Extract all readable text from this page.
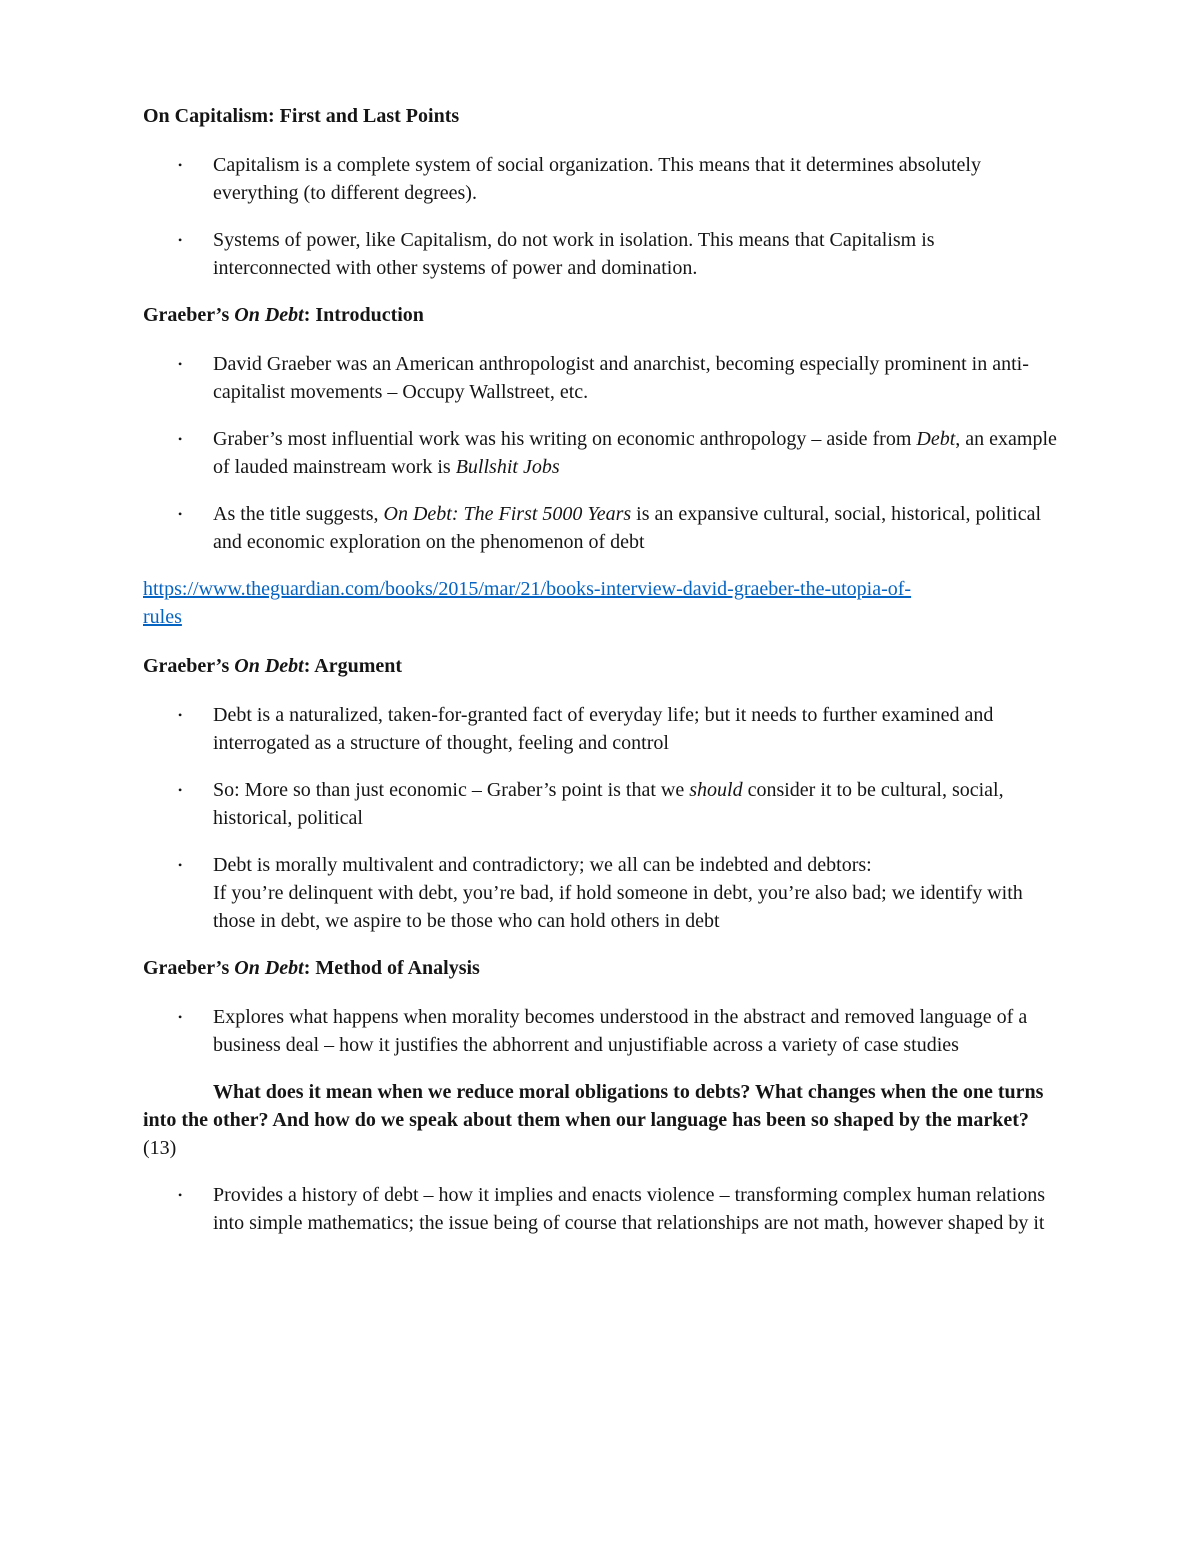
On Capitalism: First and Last Points
•	Capitalism is a complete system of social organization. This means that it determines absolutely everything (to different degrees).
•	Systems of power, like Capitalism, do not work in isolation. This means that Capitalism is interconnected with other systems of power and domination.
Graeber’s On Debt: Introduction
•	David Graeber was an American anthropologist and anarchist, becoming especially prominent in anti-capitalist movements – Occupy Wallstreet, etc.
•	Graber’s most influential work was his writing on economic anthropology – aside from Debt, an example of lauded mainstream work is Bullshit Jobs
•	As the title suggests, On Debt: The First 5000 Years is an expansive cultural, social, historical, political and economic exploration on the phenomenon of debt

https://www.theguardian.com/books/2015/mar/21/books-interview-david-graeber-the-utopia-of-
rules

Graeber’s On Debt: Argument
•	Debt is a naturalized, taken-for-granted fact of everyday life; but it needs to further examined and interrogated as a structure of thought, feeling and control
•	So: More so than just economic – Graber’s point is that we should consider it to be cultural, social, historical, political
•	Debt is morally multivalent and contradictory; we all can be indebted and debtors:
If you’re delinquent with debt, you’re bad, if hold someone in debt, you’re also bad; we identify with those in debt, we aspire to be those who can hold others in debt
Graeber’s On Debt: Method of Analysis
•	Explores what happens when morality becomes understood in the abstract and removed language of a business deal – how it justifies the abhorrent and unjustifiable across a variety of case studies

What does it mean when we reduce moral obligations to debts? What changes when the one turns into the other? And how do we speak about them when our language has been so shaped by the market? (13)

•	Provides a history of debt – how it implies and enacts violence – transforming complex human relations into simple mathematics; the issue being of course that relationships are not math, however shaped by it
